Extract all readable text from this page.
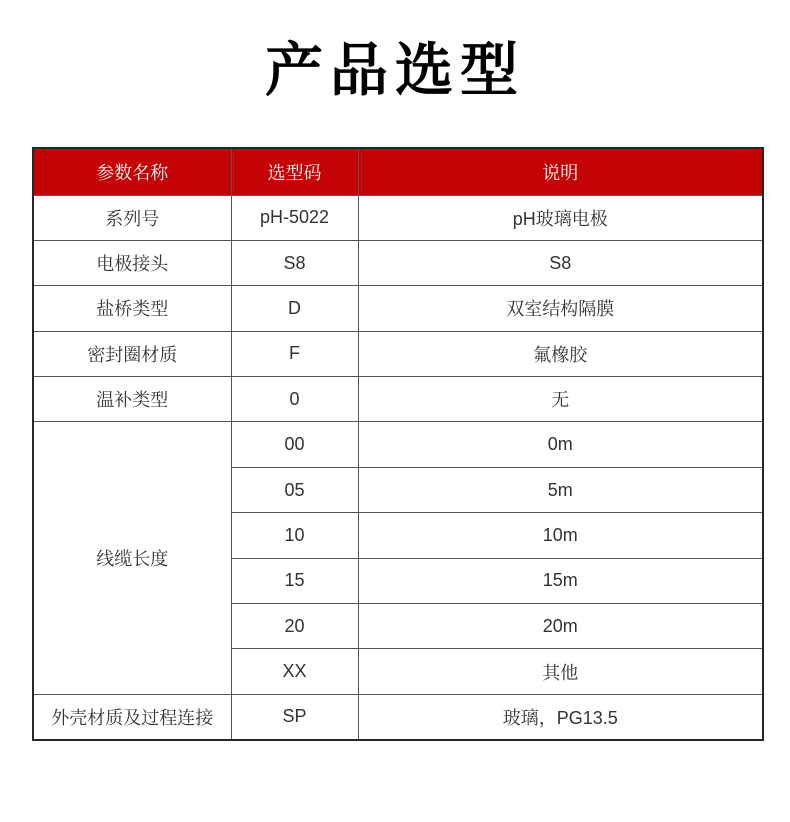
产品选型
参数名称	选型码	说明
系列号	pH-5022	pH玻璃电极
电极接头	S8	S8
盐桥类型	D	双室结构隔膜
密封圈材质	F	氟橡胶
温补类型	0	无
线缆长度	00	0m
	05	5m
	10	10m
	15	15m
	20	20m
	XX	其他
外壳材质及过程连接	SP	玻璃，PG13.5
